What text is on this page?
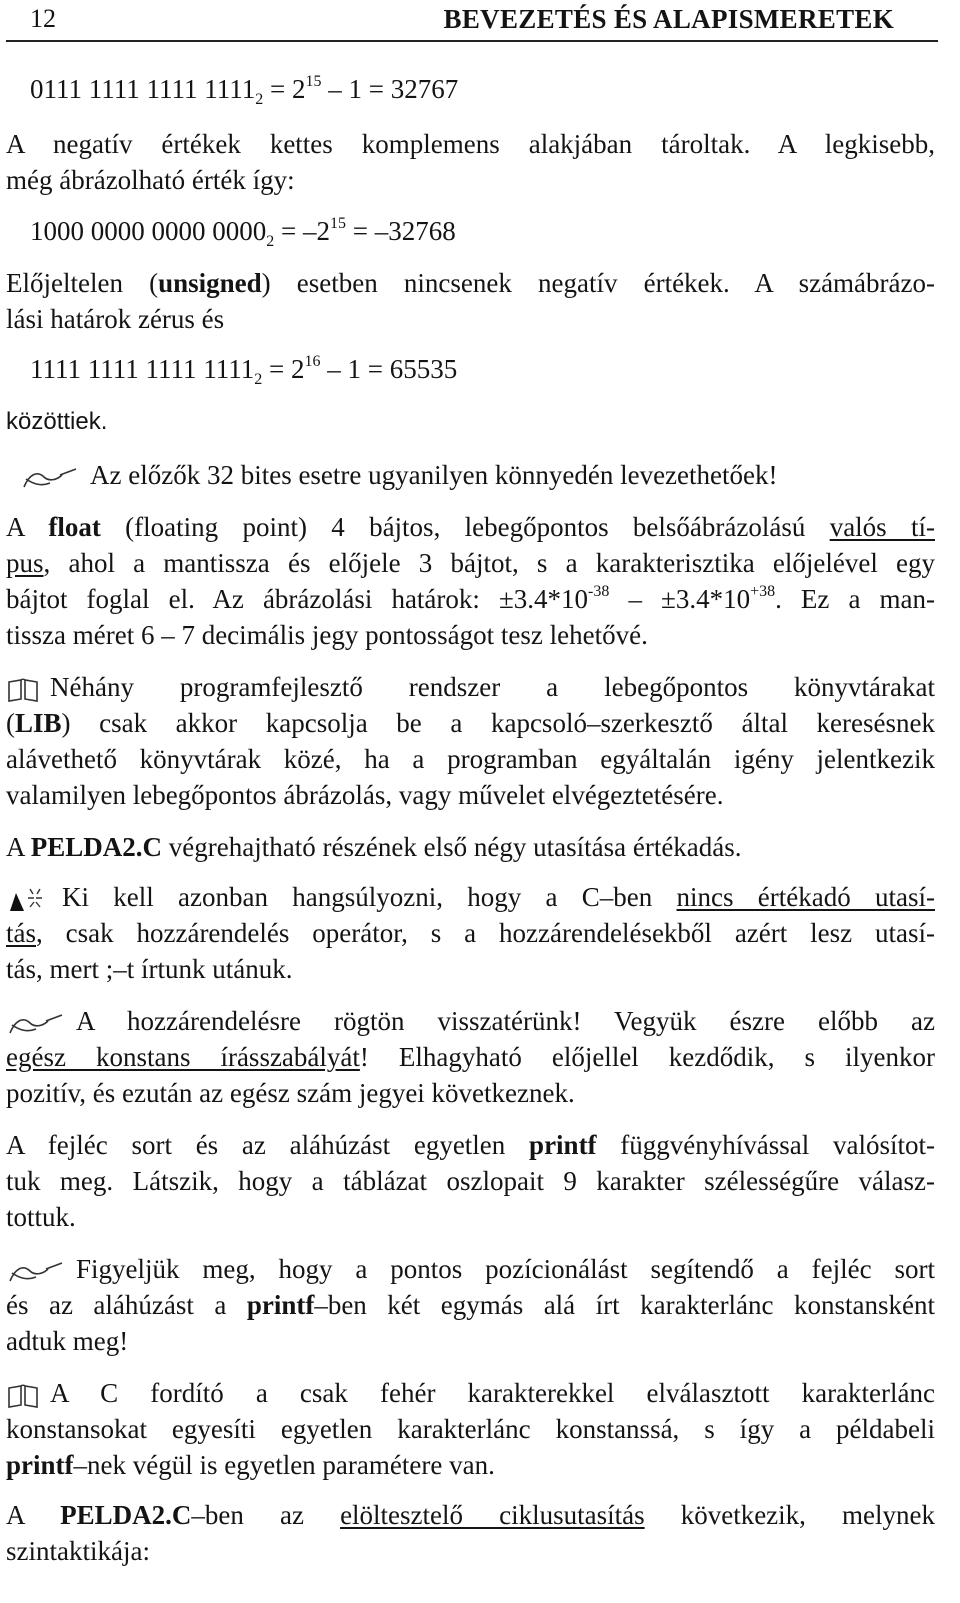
12	BEVEZETÉS ÉS ALAPISMERETEK
0111 1111 1111 $1111_2 = 2^{15} - 1 = 32767$
A negatív értékek kettes komplemens alakjában tároltak. A legkisebb,
még ábrázolható érték így:
1000 0000 0000 $0000_2 = -2^{15} = -32768$
Előjeltelen (unsigned) esetben nincsenek negatív értékek. A számábrázo-
lási határok zérus és
1111 1111 1111 $1111_2 = 2^{16} - 1 = 65535$
közöttiek.
Az előzők 32 bites esetre ugyanilyen könnyedén levezethetőek!
A float (floating point) 4 bájtos, lebegőpontos belsőábrázolású valós tí-
pus, ahol a mantissza és előjele 3 bájtot, s a karakterisztika előjelével egy
bájtot foglal el. Az ábrázolási határok: $\pm 3.4*10^{-38} - \pm 3.4*10^{+38}$. Ez a man-
tissza méret 6 – 7 decimális jegy pontosságot tesz lehetővé.
Néhány programfejlesztő rendszer a lebegőpontos könyvtárakat
(LIB) csak akkor kapcsolja be a kapcsoló–szerkesztő által keresésnek
alávethető könyvtárak közé, ha a programban egyáltalán igény jelentkezik
valamilyen lebegőpontos ábrázolás, vagy művelet elvégeztetésére.
A PELDA2.C végrehajtható részének első négy utasítása értékadás.
Ki kell azonban hangsúlyozni, hogy a C–ben nincs értékadó utasí-
tás, csak hozzárendelés operátor, s a hozzárendelésekből azért lesz utasí-
tás, mert ;–t írtunk utánuk.
A hozzárendelésre rögtön visszatérünk! Vegyük észre előbb az
egész konstans írásszabályát! Elhagyható előjellel kezdődik, s ilyenkor
pozitív, és ezután az egész szám jegyei következnek.
A fejléc sort és az aláhúzást egyetlen printf függvényhívással valósítot-
tuk meg. Látszik, hogy a táblázat oszlopait 9 karakter szélességűre válasz-
tottuk.
Figyeljük meg, hogy a pontos pozícionálást segítendő a fejléc sort
és az aláhúzást a printf–ben két egymás alá írt karakterlánc konstansként
adtuk meg!
A C fordító a csak fehér karakterekkel elválasztott karakterlánc
konstansokat egyesíti egyetlen karakterlánc konstanssá, s így a példabeli
printf–nek végül is egyetlen paramétere van.
A PELDA2.C–ben az elöltesztelő ciklusutasítás következik, melynek
szintaktikája:
